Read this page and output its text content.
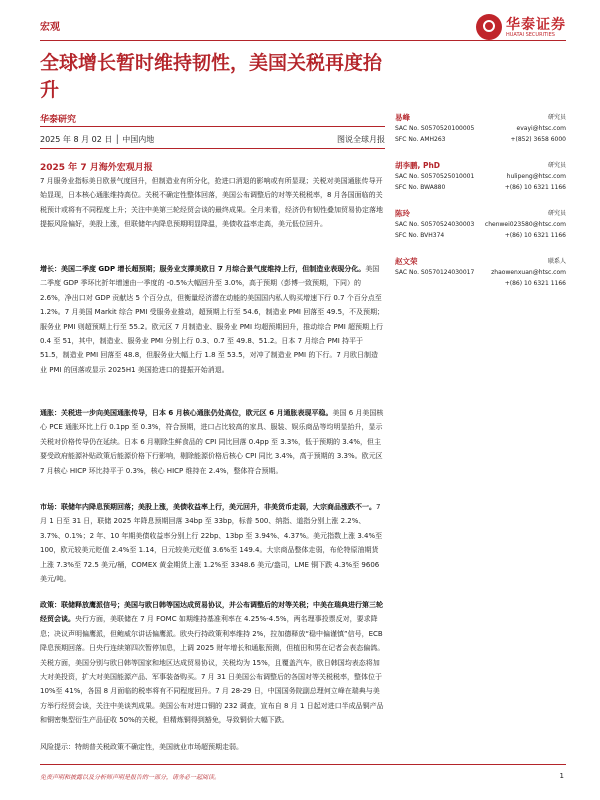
宏观	华泰证券
HUATAI SECURITIES
全球增长暂时维持韧性，美国关税再度抬升
华泰研究
2025 年 8 月 02 日 │ 中国内地	图说全球月报
2025 年 7 月海外宏观月报
7 月服务业指标美日欧景气度回升，但制造业有所分化，抢进口消退的影响或有所显现；关税对美国通胀传导开始显现，日本核心通胀维持高位。关税不确定性整体回落，美国公布调整后的对等关税税率，8 月各国面临的关税预计或将有不同程度上升；关注中美第三轮经贸会谈的最终成果。全月来看，经济仍有韧性叠加贸易协定落地提振风险偏好，美股上涨，但联储年内降息预期明显降温，美债收益率走高，美元低位回升。
增长：美国二季度 GDP 增长超预期；服务业支撑美欧日 7 月综合景气度维持上行，但制造业表现分化。美国二季度 GDP 季环比折年增速由一季度的 -0.5%大幅回升至 3.0%，高于预期（彭博一致预期，下同）的 2.6%，净出口对 GDP 贡献达 5 个百分点，但衡量经济潜在动能的美国国内私人购买增速下行 0.7 个百分点至 1.2%。7 月美国 Markit 综合 PMI 受服务业推动，超预期上行至 54.6，制造业 PMI 回落至 49.5，不及预期；服务业 PMI 则超预期上行至 55.2。欧元区 7 月制造业、服务业 PMI 均超预期回升，推动综合 PMI 超预期上行 0.4 至 51，其中，制造业、服务业 PMI 分别上行 0.3、0.7 至 49.8、51.2。日本 7 月综合 PMI 持平于 51.5，制造业 PMI 回落至 48.8，但服务业大幅上行 1.8 至 53.5，对冲了制造业 PMI 的下行。7 月欧日制造业 PMI 的回落或显示 2025H1 美国抢进口的提振开始消退。
通胀：关税进一步向美国通胀传导，日本 6 月核心通胀仍处高位，欧元区 6 月通胀表现平稳。美国 6 月美国核心 PCE 通胀环比上行 0.1pp 至 0.3%，符合预期，进口占比较高的家具、服装、娱乐商品等均明显抬升，显示关税对价格传导仍在延续。日本 6 月剔除生鲜食品的 CPI 同比回落 0.4pp 至 3.3%，低于预期的 3.4%，但主要受政府能源补贴政策后能源价格下行影响，剔除能源价格后核心 CPI 同比 3.4%，高于预期的 3.3%。欧元区 7 月核心 HICP 环比持平于 0.3%，核心 HICP 维持在 2.4%，整体符合预期。
市场：联储年内降息预期回落；美股上涨，美债收益率上行，美元回升，非美货币走弱，大宗商品涨跌不一。7 月 1 日至 31 日，联储 2025 年降息预期回落 34bp 至 33bp，标普 500、纳指、道指分别上涨 2.2%、3.7%、0.1%；2 年、10 年期美债收益率分别上行 22bp、13bp 至 3.94%、4.37%。美元指数上涨 3.4%至 100，欧元较美元贬值 2.4%至 1.14，日元较美元贬值 3.6%至 149.4。大宗商品整体走弱，布伦特原油期货上涨 7.3%至 72.5 美元/桶，COMEX 黄金期货上涨 1.2%至 3348.6 美元/盎司，LME 铜下跌 4.3%至 9606 美元/吨。
政策：联储释放鹰派信号；美国与欧日韩等国达成贸易协议，并公布调整后的对等关税；中美在瑞典进行第三轮经贸会谈。央行方面，美联储在 7 月 FOMC 如期维持基准利率在 4.25%-4.5%，两名理事投票反对，要求降息；决议声明偏鹰派，但鲍威尔讲话偏鹰派。欧央行持政策利率维持 2%，拉加德释放“稳中偏谨慎”信号，ECB 降息预期回落。日央行连续第四次暂停加息，上调 2025 财年增长和通胀预测，但植田和男在记者会表态偏鸽。关税方面，美国分别与欧日韩等国家和地区达成贸易协议，关税均为 15%，且覆盖汽车，欧日韩国均表态将加大对美投资，扩大对美国能源产品、军事装备购买。7 月 31 日美国公布调整后的各国对等关税税率，整体位于 10%至 41%，各国 8 月面临的税率将有不同程度回升。7 月 28-29 日，中国国务院副总理何立峰在瑞典与美方举行经贸会谈，关注中美谈判成果。美国公布对进口铜的 232 调查，宣布自 8 月 1 日起对进口半成品铜产品和铜密集型衍生产品征收 50%的关税，但精炼铜得到豁免，导致铜价大幅下跌。
风险提示：特朗普关税政策不确定性，美国就业市场超预期走弱。
易峰	研究员
SAC No. S0570520100005
SFC No. AMH263
evayi@htsc.com
+(852) 3658 6000
胡李鹏, PhD	研究员
SAC No. S0570525010001
SFC No. BWA880
hulipeng@htsc.com
+(86) 10 6321 1166
陈玲	研究员
SAC No. S0570524030003
SFC No. BVH374
chenwei023580@htsc.com
+(86) 10 6321 1166
赵文荣	联系人
SAC No. S0570124030017	zhaowenxuan@htsc.com
+(86) 10 6321 1166
免责声明和披露以及分析师声明是报告的一部分，请务必一起阅读。	1
